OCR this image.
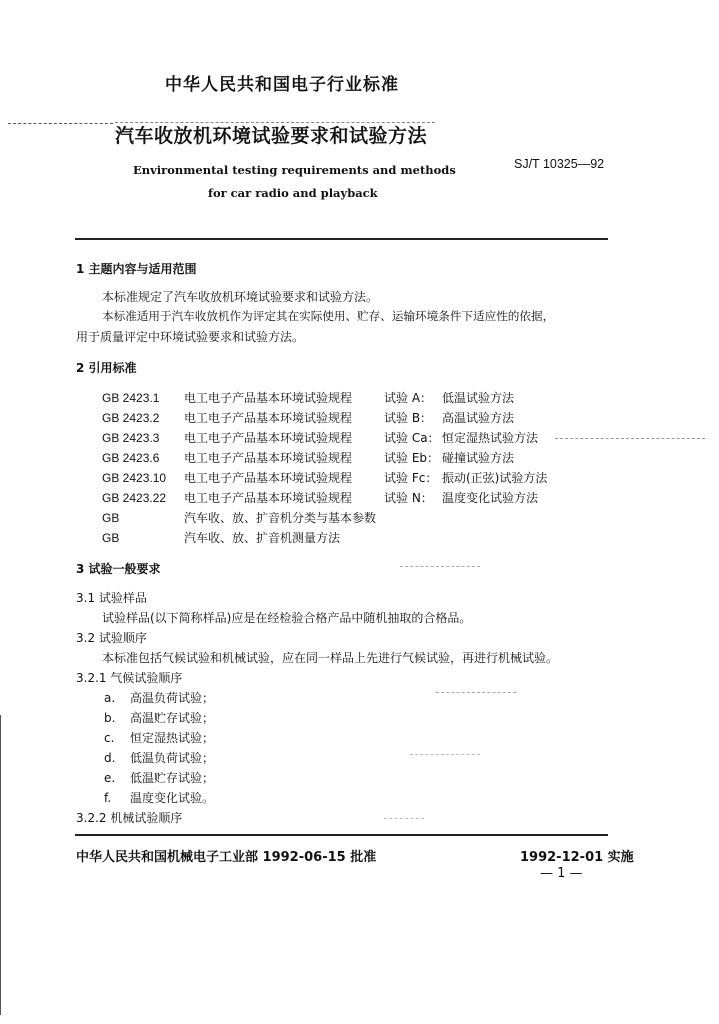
中华人民共和国电子行业标准
汽车收放机环境试验要求和试验方法
Environmental testing requirements and methods
for car radio and playback
SJ/T 10325—92
1 主题内容与适用范围
本标准规定了汽车收放机环境试验要求和试验方法。
本标准适用于汽车收放机作为评定其在实际使用、贮存、运输环境条件下适应性的依据，
用于质量评定中环境试验要求和试验方法。
2 引用标准
GB 2423.1 电工电子产品基本环境试验规程	试验 A： 低温试验方法
GB 2423.2 电工电子产品基本环境试验规程	试验 B： 高温试验方法
GB 2423.3 电工电子产品基本环境试验规程	试验 Ca： 恒定湿热试验方法
GB 2423.6 电工电子产品基本环境试验规程	试验 Eb： 碰撞试验方法
GB 2423.10 电工电子产品基本环境试验规程	试验 Fc： 振动(正弦)试验方法
GB 2423.22 电工电子产品基本环境试验规程	试验 N： 温度变化试验方法
GB	汽车收、放、扩音机分类与基本参数
GB	汽车收、放、扩音机测量方法
3 试验一般要求
3.1 试验样品
试验样品(以下简称样品)应是在经检验合格产品中随机抽取的合格品。
3.2 试验顺序
本标准包括气候试验和机械试验，应在同一样品上先进行气候试验，再进行机械试验。
3.2.1 气候试验顺序
a. 高温负荷试验；
b. 高温贮存试验；
c. 恒定湿热试验；
d. 低温负荷试验；
e. 低温贮存试验；
f. 温度变化试验。
3.2.2 机械试验顺序
中华人民共和国机械电子工业部 1992-06-15 批准	1992-12-01 实施
— 1 —
